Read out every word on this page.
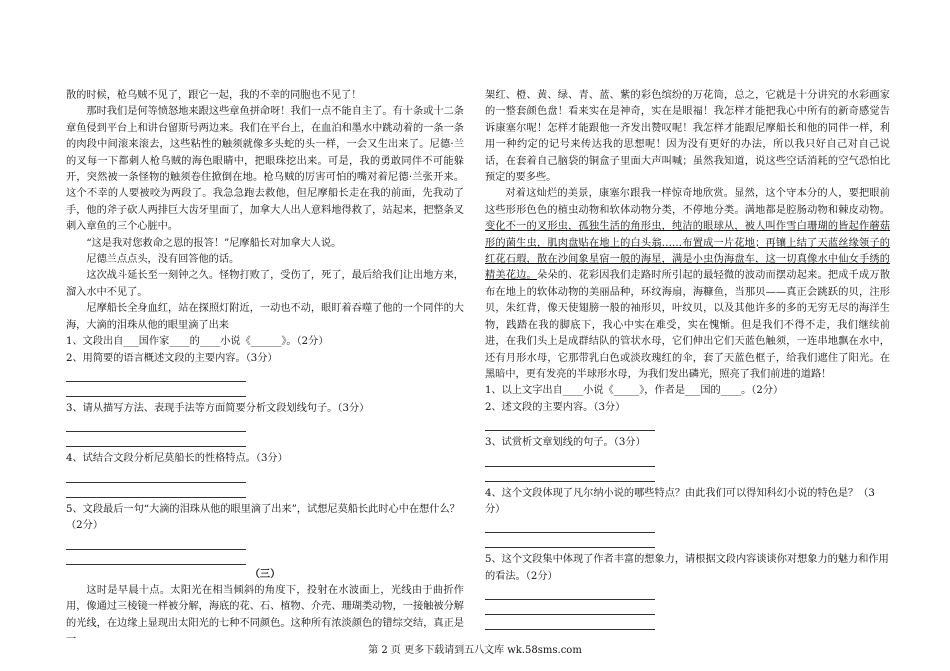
散的时候，枪乌贼不见了，跟它一起，我的不幸的同胞也不见了！

那时我们是何等愤怒地来跟这些章鱼拼命呀！我们一点不能自主了。有十条或十二条章鱼侵到平台上和讲台留斯号两边来。我们在平台上，在血泊和墨水中跳动着的一条一条的肉段中间滚来滚去，这些粘性的触须就像多头蛇的头一样，一会又生出来了。尼德·兰的叉每一下都刺人枪乌贼的海色眼睛中，把眼珠挖出来。可是，我的勇敢同伴不可能躲开，突然被一条怪物的触须卷住掀倒在地。枪乌贼的厉害可怕的嘴对着尼德·兰张开来。这个不幸的人要被咬为两段了。我急急跑去救他，但尼摩船长走在我的前面，先我动了手，他的斧子砍人两排巨大齿牙里面了，加拿大人出人意料地得救了，站起来，把整条叉刺入章鱼的三个心脏中。

“这是我对您救命之恩的报答！”尼摩船长对加拿大人说。

尼德兰点点头，没有回答他的话。

这次战斗延长至一刻钟之久。怪物打败了，受伤了，死了，最后给我们让出地方来，溜入水中不见了。

尼摩船长全身血红，站在探照灯附近，一动也不动，眼盯着吞噬了他的一个同伴的大海，大滴的泪珠从他的眼里滴了出来

1、文段出自___国作家____的____小说《______》。（2分）
2、用简要的语言概述文段的主要内容。（3分）
3、请从描写方法、表现手法等方面简要分析文段划线句子。（3分）
4、试结合文段分析尼莫船长的性格特点。（3分）
5、文段最后一句“大滴的泪珠从他的眼里滴了出来”，试想尼莫船长此时心中在想什么？（2分）
（三）

这时是早晨十点。太阳光在相当倾斜的角度下，投射在水波面上，光线由于曲折作用，像通过三棱镜一样被分解，海底的花、石、植物、介壳、珊瑚类动物，一接触被分解的光线，在边缘上显现出太阳光的七种不同颜色。这种所有浓淡颜色的错综交结，真正是一

架红、橙、黄、绿、青、蓝、紫的彩色缤纷的万花筒，总之，它就是十分讲究的水彩画家的一整套颜色盘！看来实在是神奇，实在是眼福！我怎样才能把我心中所有的新奇感觉告诉康塞尔呢！怎样才能跟他一齐发出赞叹呢！我怎样才能跟尼摩船长和他的同伴一样，利用一种约定的记号来传达我的思想呢！因为没有更好的办法，所以我只好自己对自己说话，在套着自己脑袋的铜盒子里面大声叫喊；虽然我知道，说这些空话消耗的空气恐怕比预定的要多些。

对着这灿烂的美景，康塞尔跟我一样惊奇地欣赏。显然，这个守本分的人，要把眼前这些形形色色的植虫动物和软体动物分类，不停地分类。满地都是腔肠动物和棘皮动物。变化不一的叉形虫，孤独生活的角形虫，纯洁的眼球从，被人叫作雪白珊瑚的皆起作蘑菇形的菌生虫，肌肉盘贴在地上的白头翁……布置成一片花地；再镶上结了天蓝丝缘领子的红花石瑕，散在沙间象星宿一般的海星，满是小虫伪海盘车，这一切真像水中仙女手绣的精美花边。朵朵的、花彩因我们走路时所引起的最轻微的波动而摆动起来。把成千成万散布在地上的软体动物的美丽品种，环纹海扇，海糠鱼，当那贝——真正会跳跃的贝，注形贝，朱红背，像天使翅膀一般的袖形贝，叶纹贝，以及其他许多的多的无穷无尽的海洋生物，践踏在我的脚底下，我心中实在难受，实在愧惭。但是我们不得不走，我们继续前进，在我们头上是成群结队的管状水母，它们伸出它们天蓝色触须，一连串地飘在水中，还有月形水母，它那带乳白色或淡玫瑰红的伞，套了天蓝色框子，给我们遮住了阳光。在黑暗中，更有发亮的半球形水母，为我们发出磷光，照亮了我们前进的道路！

1、以上文字出自____小说《_____》，作者是___国的____。（2分）
2、述文段的主要内容。（3分）
3、试赏析文章划线的句子。（3分）
4、这个文段体现了凡尔纳小说的哪些特点？由此我们可以得知科幻小说的特色是？（3分）
5、这个文段集中体现了作者丰富的想象力，请根据文段内容谈谈你对想象力的魅力和作用的看法。（2分）
第 2 页 更多下载请到五八文库 wk.58sms.com
